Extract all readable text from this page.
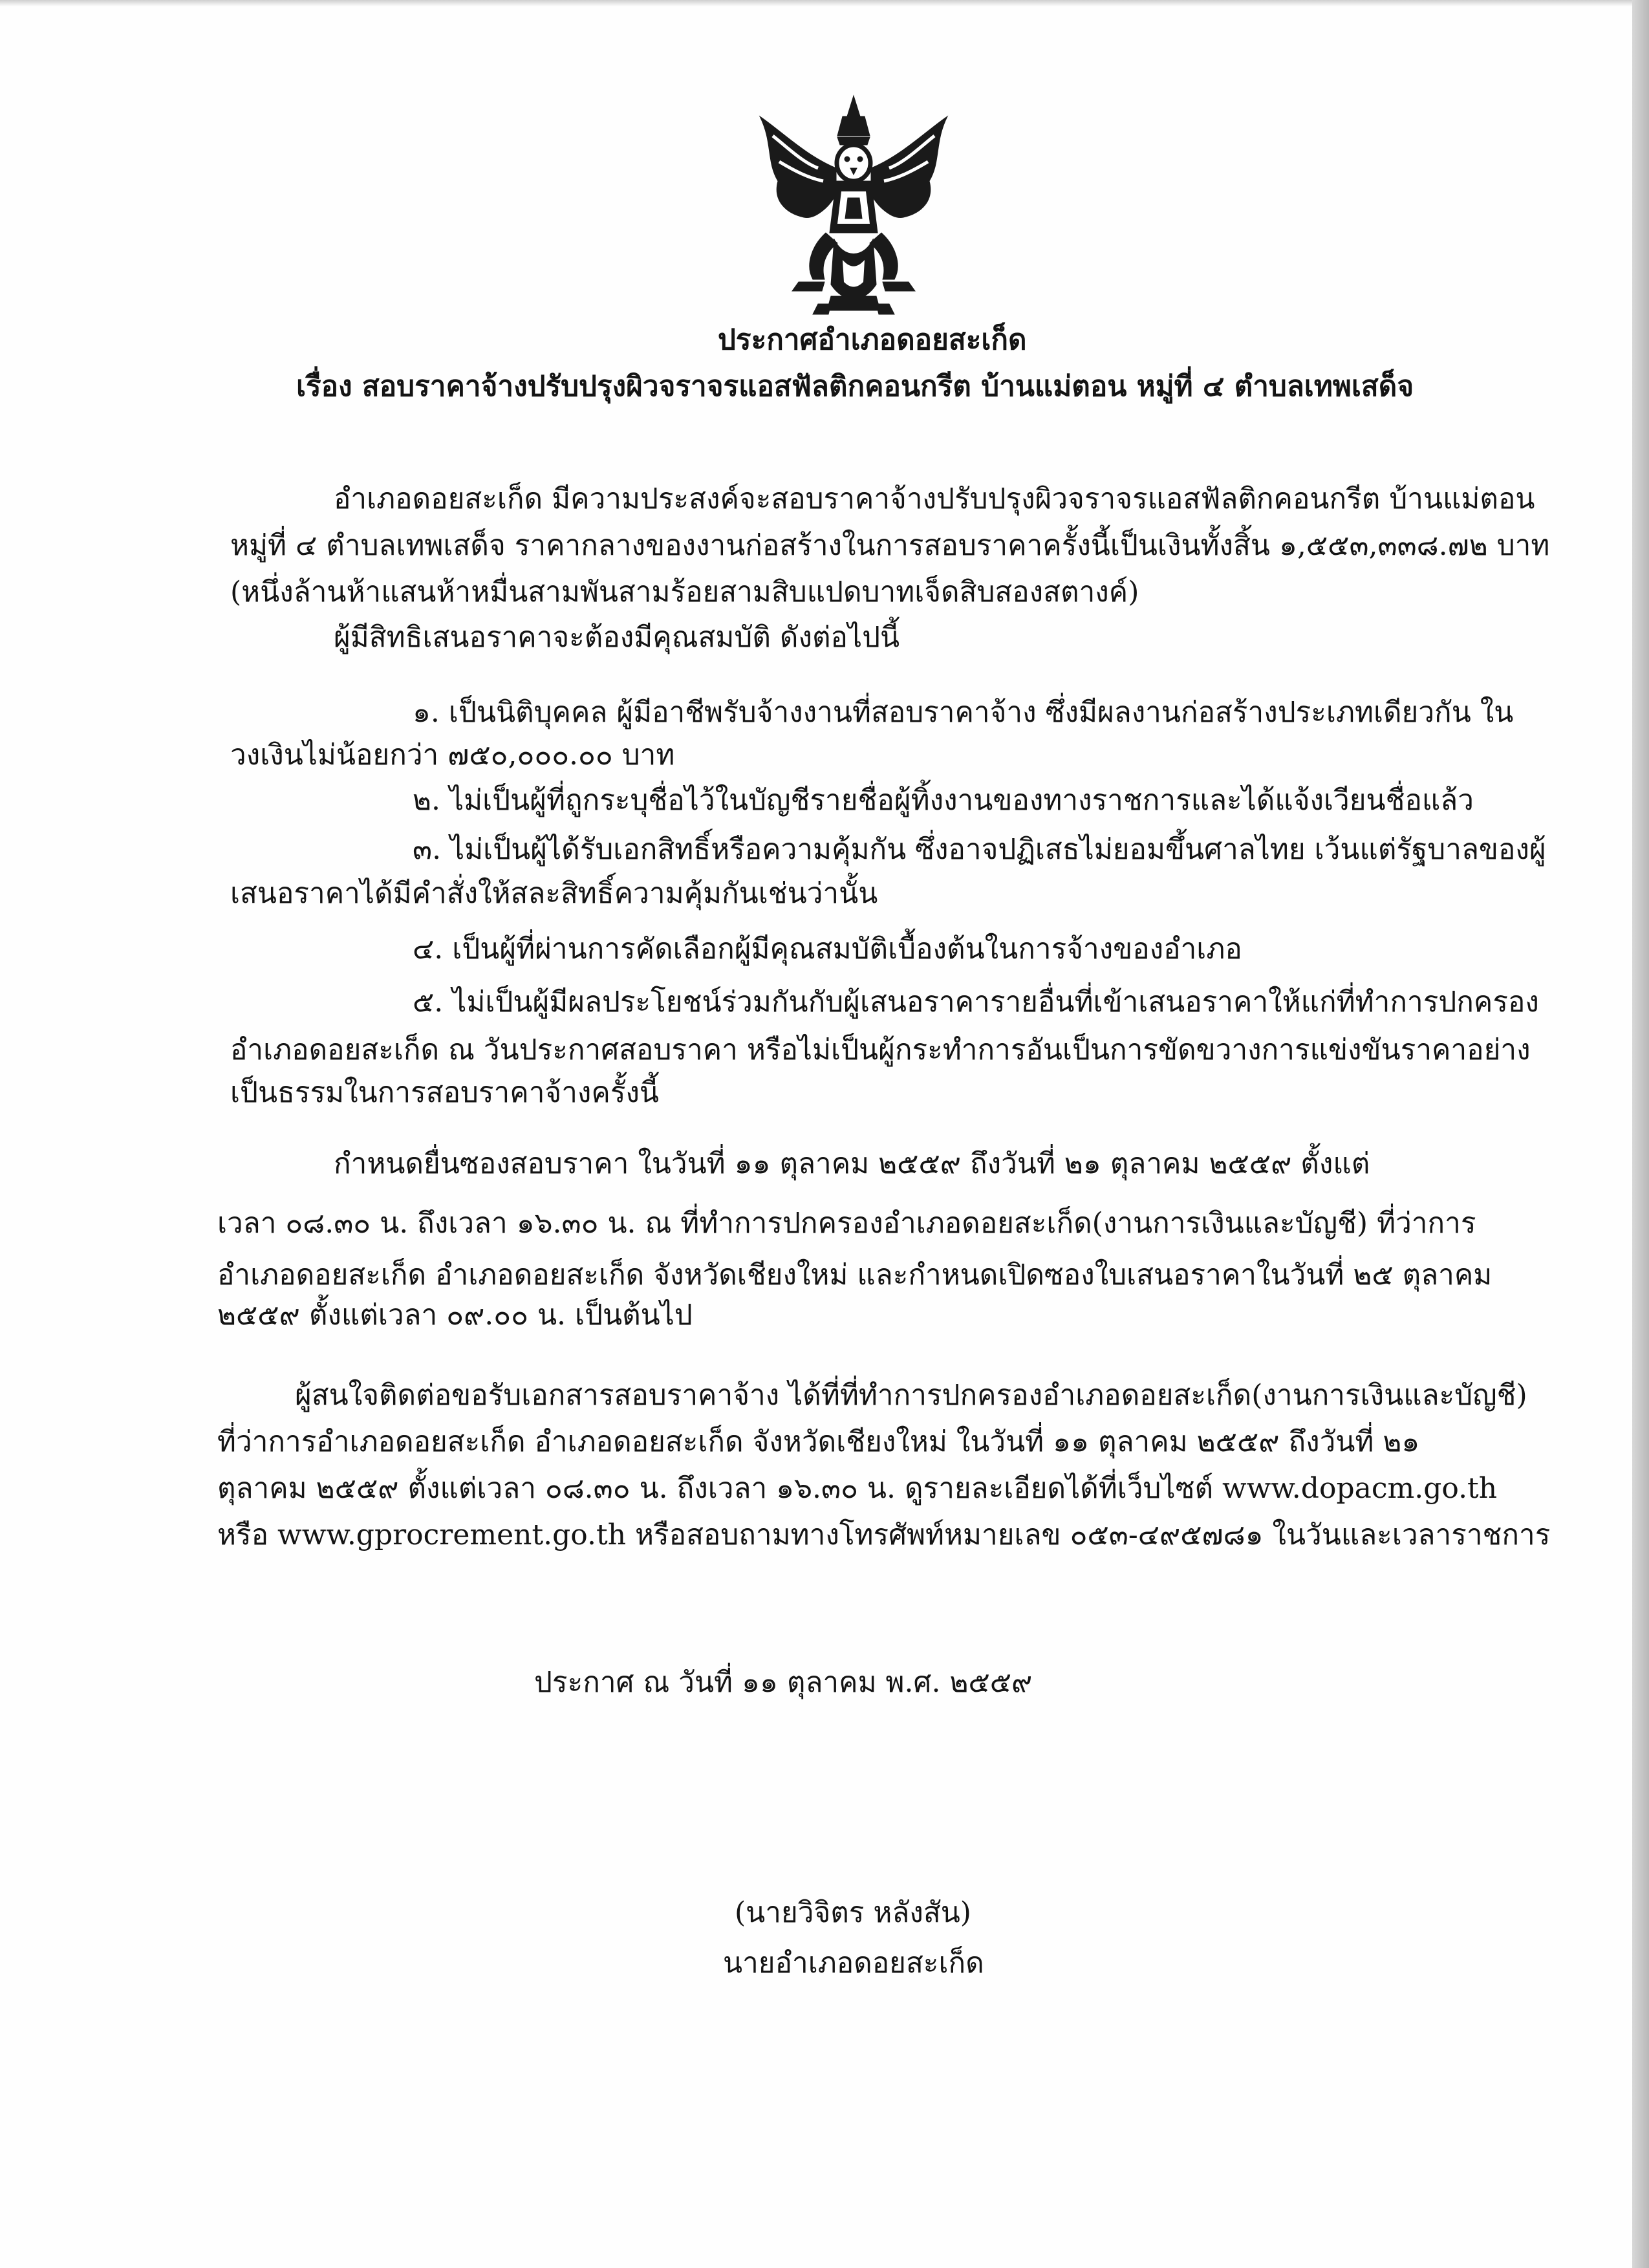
ประกาศอำเภอดอยสะเก็ด
เรื่อง สอบราคาจ้างปรับปรุงผิวจราจรแอสฟัลติกคอนกรีต บ้านแม่ตอน หมู่ที่ ๔ ตำบลเทพเสด็จ
อำเภอดอยสะเก็ด มีความประสงค์จะสอบราคาจ้างปรับปรุงผิวจราจรแอสฟัลติกคอนกรีต บ้านแม่ตอน
หมู่ที่ ๔ ตำบลเทพเสด็จ ราคากลางของงานก่อสร้างในการสอบราคาครั้งนี้เป็นเงินทั้งสิ้น ๑,๕๕๓,๓๓๘.๗๒ บาท
(หนึ่งล้านห้าแสนห้าหมื่นสามพันสามร้อยสามสิบแปดบาทเจ็ดสิบสองสตางค์)
ผู้มีสิทธิเสนอราคาจะต้องมีคุณสมบัติ ดังต่อไปนี้
๑. เป็นนิติบุคคล ผู้มีอาชีพรับจ้างงานที่สอบราคาจ้าง ซึ่งมีผลงานก่อสร้างประเภทเดียวกัน ใน
วงเงินไม่น้อยกว่า ๗๕๐,๐๐๐.๐๐ บาท
๒. ไม่เป็นผู้ที่ถูกระบุชื่อไว้ในบัญชีรายชื่อผู้ทิ้งงานของทางราชการและได้แจ้งเวียนชื่อแล้ว
๓. ไม่เป็นผู้ได้รับเอกสิทธิ์หรือความคุ้มกัน ซึ่งอาจปฏิเสธไม่ยอมขึ้นศาลไทย เว้นแต่รัฐบาลของผู้
เสนอราคาได้มีคำสั่งให้สละสิทธิ์ความคุ้มกันเช่นว่านั้น
๔. เป็นผู้ที่ผ่านการคัดเลือกผู้มีคุณสมบัติเบื้องต้นในการจ้างของอำเภอ
๕. ไม่เป็นผู้มีผลประโยชน์ร่วมกันกับผู้เสนอราคารายอื่นที่เข้าเสนอราคาให้แก่ที่ทำการปกครอง
อำเภอดอยสะเก็ด ณ วันประกาศสอบราคา หรือไม่เป็นผู้กระทำการอันเป็นการขัดขวางการแข่งขันราคาอย่าง
เป็นธรรมในการสอบราคาจ้างครั้งนี้
กำหนดยื่นซองสอบราคา ในวันที่ ๑๑ ตุลาคม ๒๕๕๙ ถึงวันที่ ๒๑ ตุลาคม ๒๕๕๙ ตั้งแต่
เวลา ๐๘.๓๐ น. ถึงเวลา ๑๖.๓๐ น. ณ ที่ทำการปกครองอำเภอดอยสะเก็ด(งานการเงินและบัญชี) ที่ว่าการ
อำเภอดอยสะเก็ด อำเภอดอยสะเก็ด จังหวัดเชียงใหม่ และกำหนดเปิดซองใบเสนอราคาในวันที่ ๒๕ ตุลาคม
๒๕๕๙ ตั้งแต่เวลา ๐๙.๐๐ น. เป็นต้นไป
ผู้สนใจติดต่อขอรับเอกสารสอบราคาจ้าง ได้ที่ที่ทำการปกครองอำเภอดอยสะเก็ด(งานการเงินและบัญชี)
ที่ว่าการอำเภอดอยสะเก็ด อำเภอดอยสะเก็ด จังหวัดเชียงใหม่ ในวันที่ ๑๑ ตุลาคม ๒๕๕๙ ถึงวันที่ ๒๑
ตุลาคม ๒๕๕๙ ตั้งแต่เวลา ๐๘.๓๐ น. ถึงเวลา ๑๖.๓๐ น. ดูรายละเอียดได้ที่เว็บไซต์ www.dopacm.go.th
หรือ www.gprocrement.go.th หรือสอบถามทางโทรศัพท์หมายเลข ๐๕๓-๔๙๕๗๘๑ ในวันและเวลาราชการ
ประกาศ ณ วันที่ ๑๑ ตุลาคม พ.ศ. ๒๕๕๙
(นายวิจิตร หลังสัน)
นายอำเภอดอยสะเก็ด
